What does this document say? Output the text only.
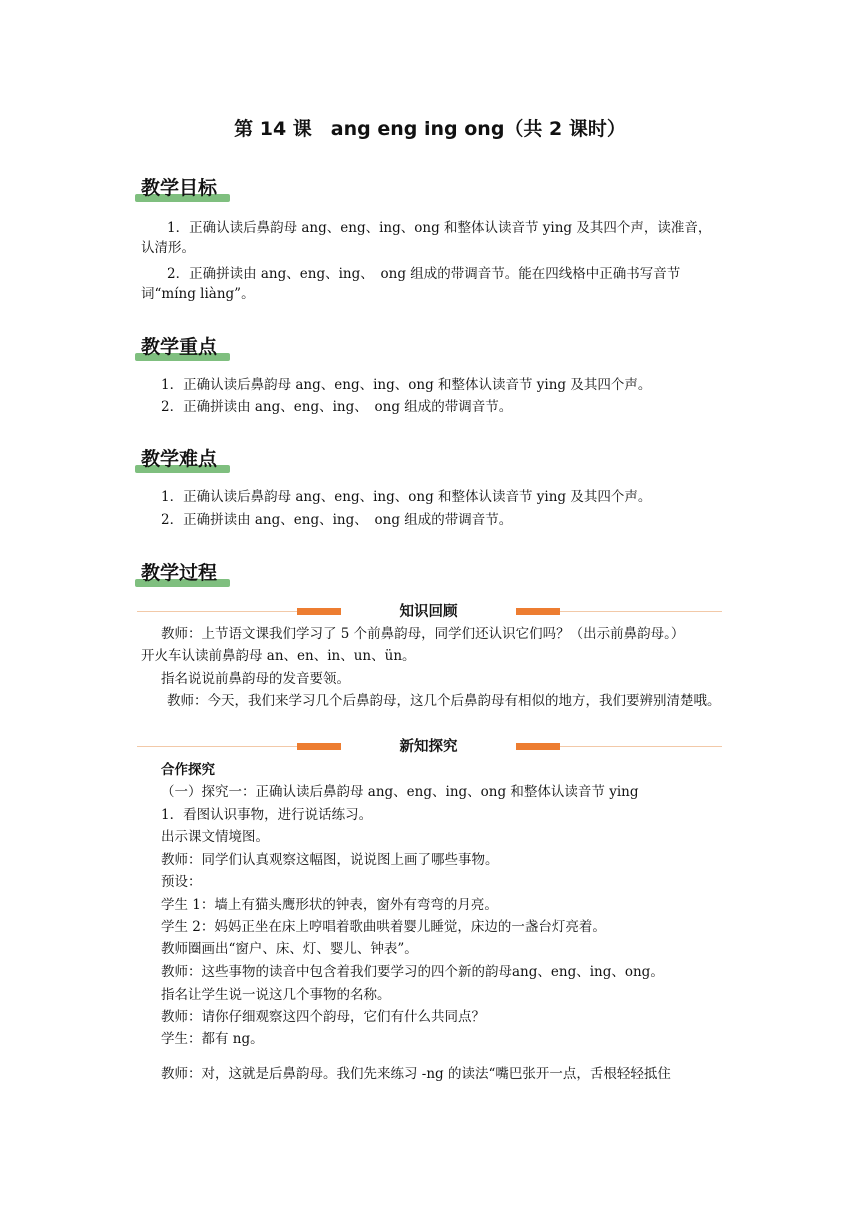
第 14 课　ang eng ing ong（共 2 课时）
教学目标
1．正确认读后鼻韵母 ang、eng、ing、ong 和整体认读音节 ying 及其四个声，读准音，认清形。
2．正确拼读由 ang、eng、ing、　ong 组成的带调音节。能在四线格中正确书写音节词“míng liàng”。
教学重点
1．正确认读后鼻韵母 ang、eng、ing、ong 和整体认读音节 ying 及其四个声。
2．正确拼读由 ang、eng、ing、　ong 组成的带调音节。
教学难点
1．正确认读后鼻韵母 ang、eng、ing、ong 和整体认读音节 ying 及其四个声。
2．正确拼读由 ang、eng、ing、　ong 组成的带调音节。
教学过程
知识回顾
教师：上节语文课我们学习了 5 个前鼻韵母，同学们还认识它们吗？（出示前鼻韵母。）
开火车认读前鼻韵母 an、en、in、un、ün。
指名说说前鼻韵母的发音要领。
教师：今天，我们来学习几个后鼻韵母，这几个后鼻韵母有相似的地方，我们要辨别清楚哦。
新知探究
合作探究
（一）探究一：正确认读后鼻韵母 ang、eng、ing、ong 和整体认读音节 ying
1．看图认识事物，进行说话练习。
出示课文情境图。
教师：同学们认真观察这幅图，说说图上画了哪些事物。
预设：
学生 1：墙上有猫头鹰形状的钟表，窗外有弯弯的月亮。
学生 2：妈妈正坐在床上哼唱着歌曲哄着婴儿睡觉，床边的一盏台灯亮着。
教师圈画出“窗户、床、灯、婴儿、钟表”。
教师：这些事物的读音中包含着我们要学习的四个新的韵母ang、eng、ing、ong。
指名让学生说一说这几个事物的名称。
教师：请你仔细观察这四个韵母，它们有什么共同点？
学生：都有 ng。
教师：对，这就是后鼻韵母。我们先来练习 -ng 的读法“嘴巴张开一点，舌根轻轻抵住
